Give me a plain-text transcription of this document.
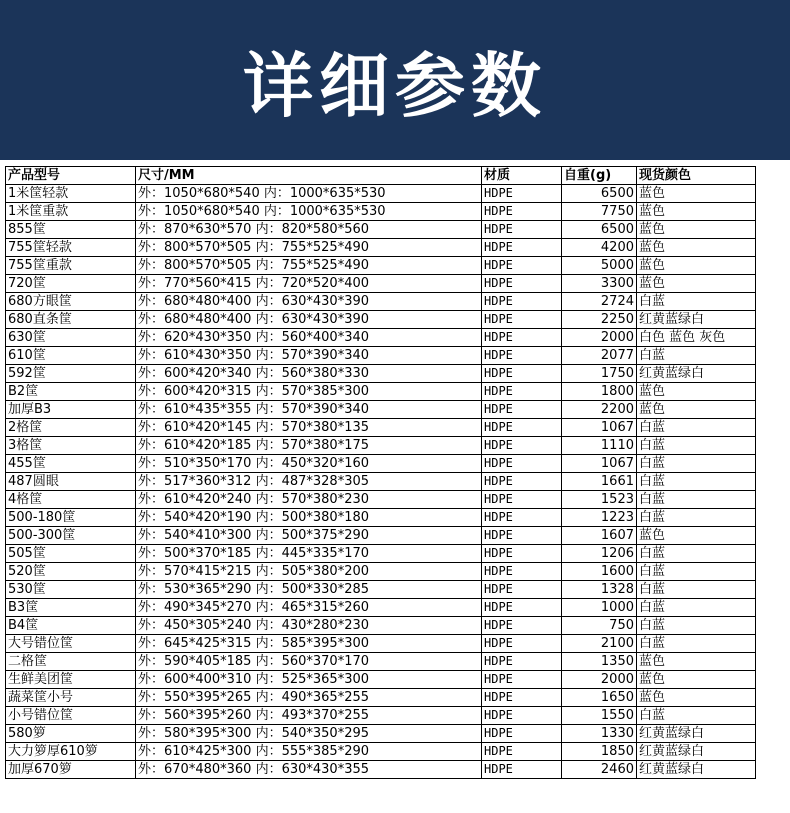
详细参数
产品型号	尺寸/MM	材质	自重(g)	现货颜色
1米筐轻款	外：1050*680*540 内：1000*635*530	HDPE	6500	蓝色
1米筐重款	外：1050*680*540 内：1000*635*530	HDPE	7750	蓝色
855筐	外：870*630*570 内：820*580*560	HDPE	6500	蓝色
755筐轻款	外：800*570*505 内：755*525*490	HDPE	4200	蓝色
755筐重款	外：800*570*505 内：755*525*490	HDPE	5000	蓝色
720筐	外：770*560*415 内：720*520*400	HDPE	3300	蓝色
680方眼筐	外：680*480*400 内：630*430*390	HDPE	2724	白蓝
680直条筐	外：680*480*400 内：630*430*390	HDPE	2250	红黄蓝绿白
630筐	外：620*430*350 内：560*400*340	HDPE	2000	白色 蓝色 灰色
610筐	外：610*430*350 内：570*390*340	HDPE	2077	白蓝
592筐	外：600*420*340 内：560*380*330	HDPE	1750	红黄蓝绿白
B2筐	外：600*420*315 内：570*385*300	HDPE	1800	蓝色
加厚B3	外：610*435*355 内：570*390*340	HDPE	2200	蓝色
2格筐	外：610*420*145 内：570*380*135	HDPE	1067	白蓝
3格筐	外：610*420*185 内：570*380*175	HDPE	1110	白蓝
455筐	外：510*350*170 内：450*320*160	HDPE	1067	白蓝
487圆眼	外：517*360*312 内：487*328*305	HDPE	1661	白蓝
4格筐	外：610*420*240 内：570*380*230	HDPE	1523	白蓝
500-180筐	外：540*420*190 内：500*380*180	HDPE	1223	白蓝
500-300筐	外：540*410*300 内：500*375*290	HDPE	1607	蓝色
505筐	外：500*370*185 内：445*335*170	HDPE	1206	白蓝
520筐	外：570*415*215 内：505*380*200	HDPE	1600	白蓝
530筐	外：530*365*290 内：500*330*285	HDPE	1328	白蓝
B3筐	外：490*345*270 内：465*315*260	HDPE	1000	白蓝
B4筐	外：450*305*240 内：430*280*230	HDPE	750	白蓝
大号错位筐	外：645*425*315 内：585*395*300	HDPE	2100	白蓝
二格筐	外：590*405*185 内：560*370*170	HDPE	1350	蓝色
生鲜美团筐	外：600*400*310 内：525*365*300	HDPE	2000	蓝色
蔬菜筐小号	外：550*395*265 内：490*365*255	HDPE	1650	蓝色
小号错位筐	外：560*395*260 内：493*370*255	HDPE	1550	白蓝
580箩	外：580*395*300 内：540*350*295	HDPE	1330	红黄蓝绿白
大力箩厚610箩	外：610*425*300 内：555*385*290	HDPE	1850	红黄蓝绿白
加厚670箩	外：670*480*360 内：630*430*355	HDPE	2460	红黄蓝绿白
